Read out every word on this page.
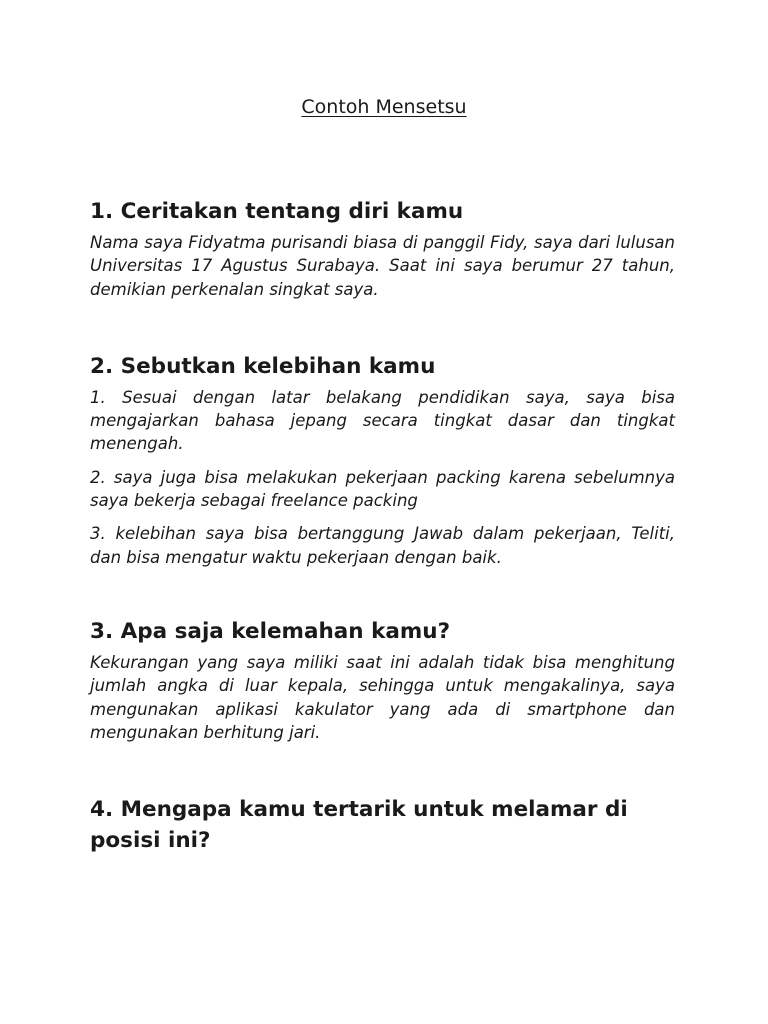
Contoh Mensetsu
1. Ceritakan tentang diri kamu

Nama saya Fidyatma purisandi biasa di panggil Fidy, saya dari lulusan Universitas 17 Agustus Surabaya. Saat ini saya berumur 27 tahun, demikian perkenalan singkat saya.

2. Sebutkan kelebihan kamu

1. Sesuai dengan latar belakang pendidikan saya, saya bisa mengajarkan bahasa jepang secara tingkat dasar dan tingkat menengah.

2. saya juga bisa melakukan pekerjaan packing karena sebelumnya saya bekerja sebagai freelance packing

3. kelebihan saya bisa bertanggung Jawab dalam pekerjaan, Teliti, dan bisa mengatur waktu pekerjaan dengan baik.

3. Apa saja kelemahan kamu?

Kekurangan yang saya miliki saat ini adalah tidak bisa menghitung jumlah angka di luar kepala, sehingga untuk mengakalinya, saya mengunakan aplikasi kakulator yang ada di smartphone dan mengunakan berhitung jari.

4. Mengapa kamu tertarik untuk melamar di posisi ini?
